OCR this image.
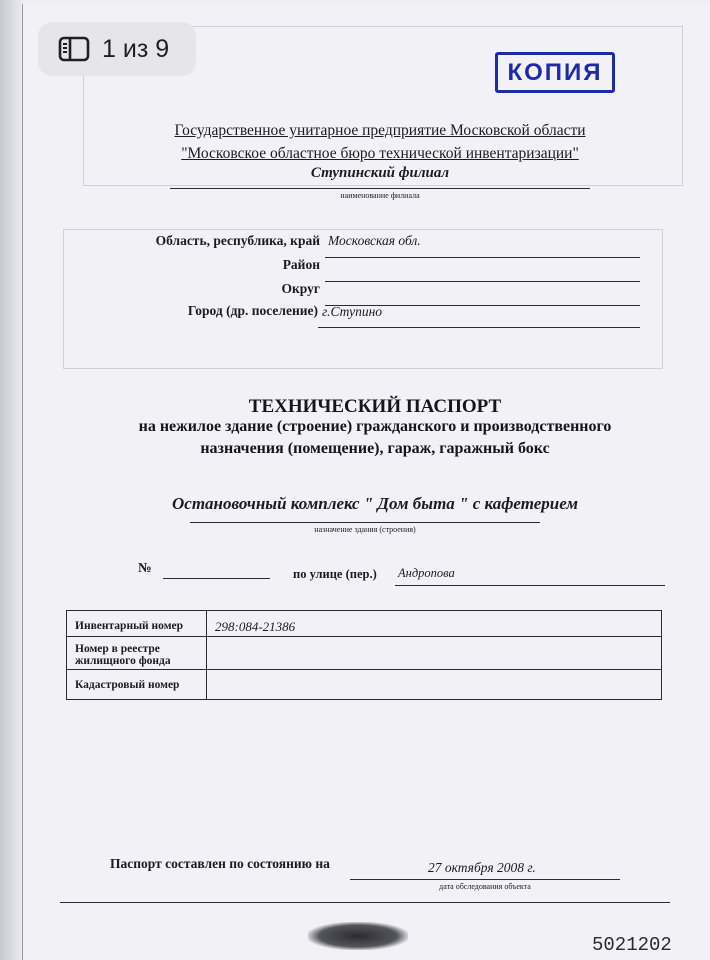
КОПИЯ
Государственное унитарное предприятие Московской области
"Московское областное бюро технической инвентаризации"
Ступинский филиал
наименование филиала
Область, республика, край Московская обл.
Район
Округ
Город (др. поселение) г.Ступино
ТЕХНИЧЕСКИЙ ПАСПОРТ
на нежилое здание (строение) гражданского и производственного
назначения (помещение), гараж, гаражный бокс
Остановочный комплекс " Дом быта " с кафетерием
назначение здания (строения)
№	по улице (пер.)	Андропова
Инвентарный номер	298:084-21386
Номер в реестре жилищного фонда	
Кадастровый номер	
Паспорт составлен по состоянию на	27 октября 2008 г.
дата обследования объекта
5021202
1 из 9
